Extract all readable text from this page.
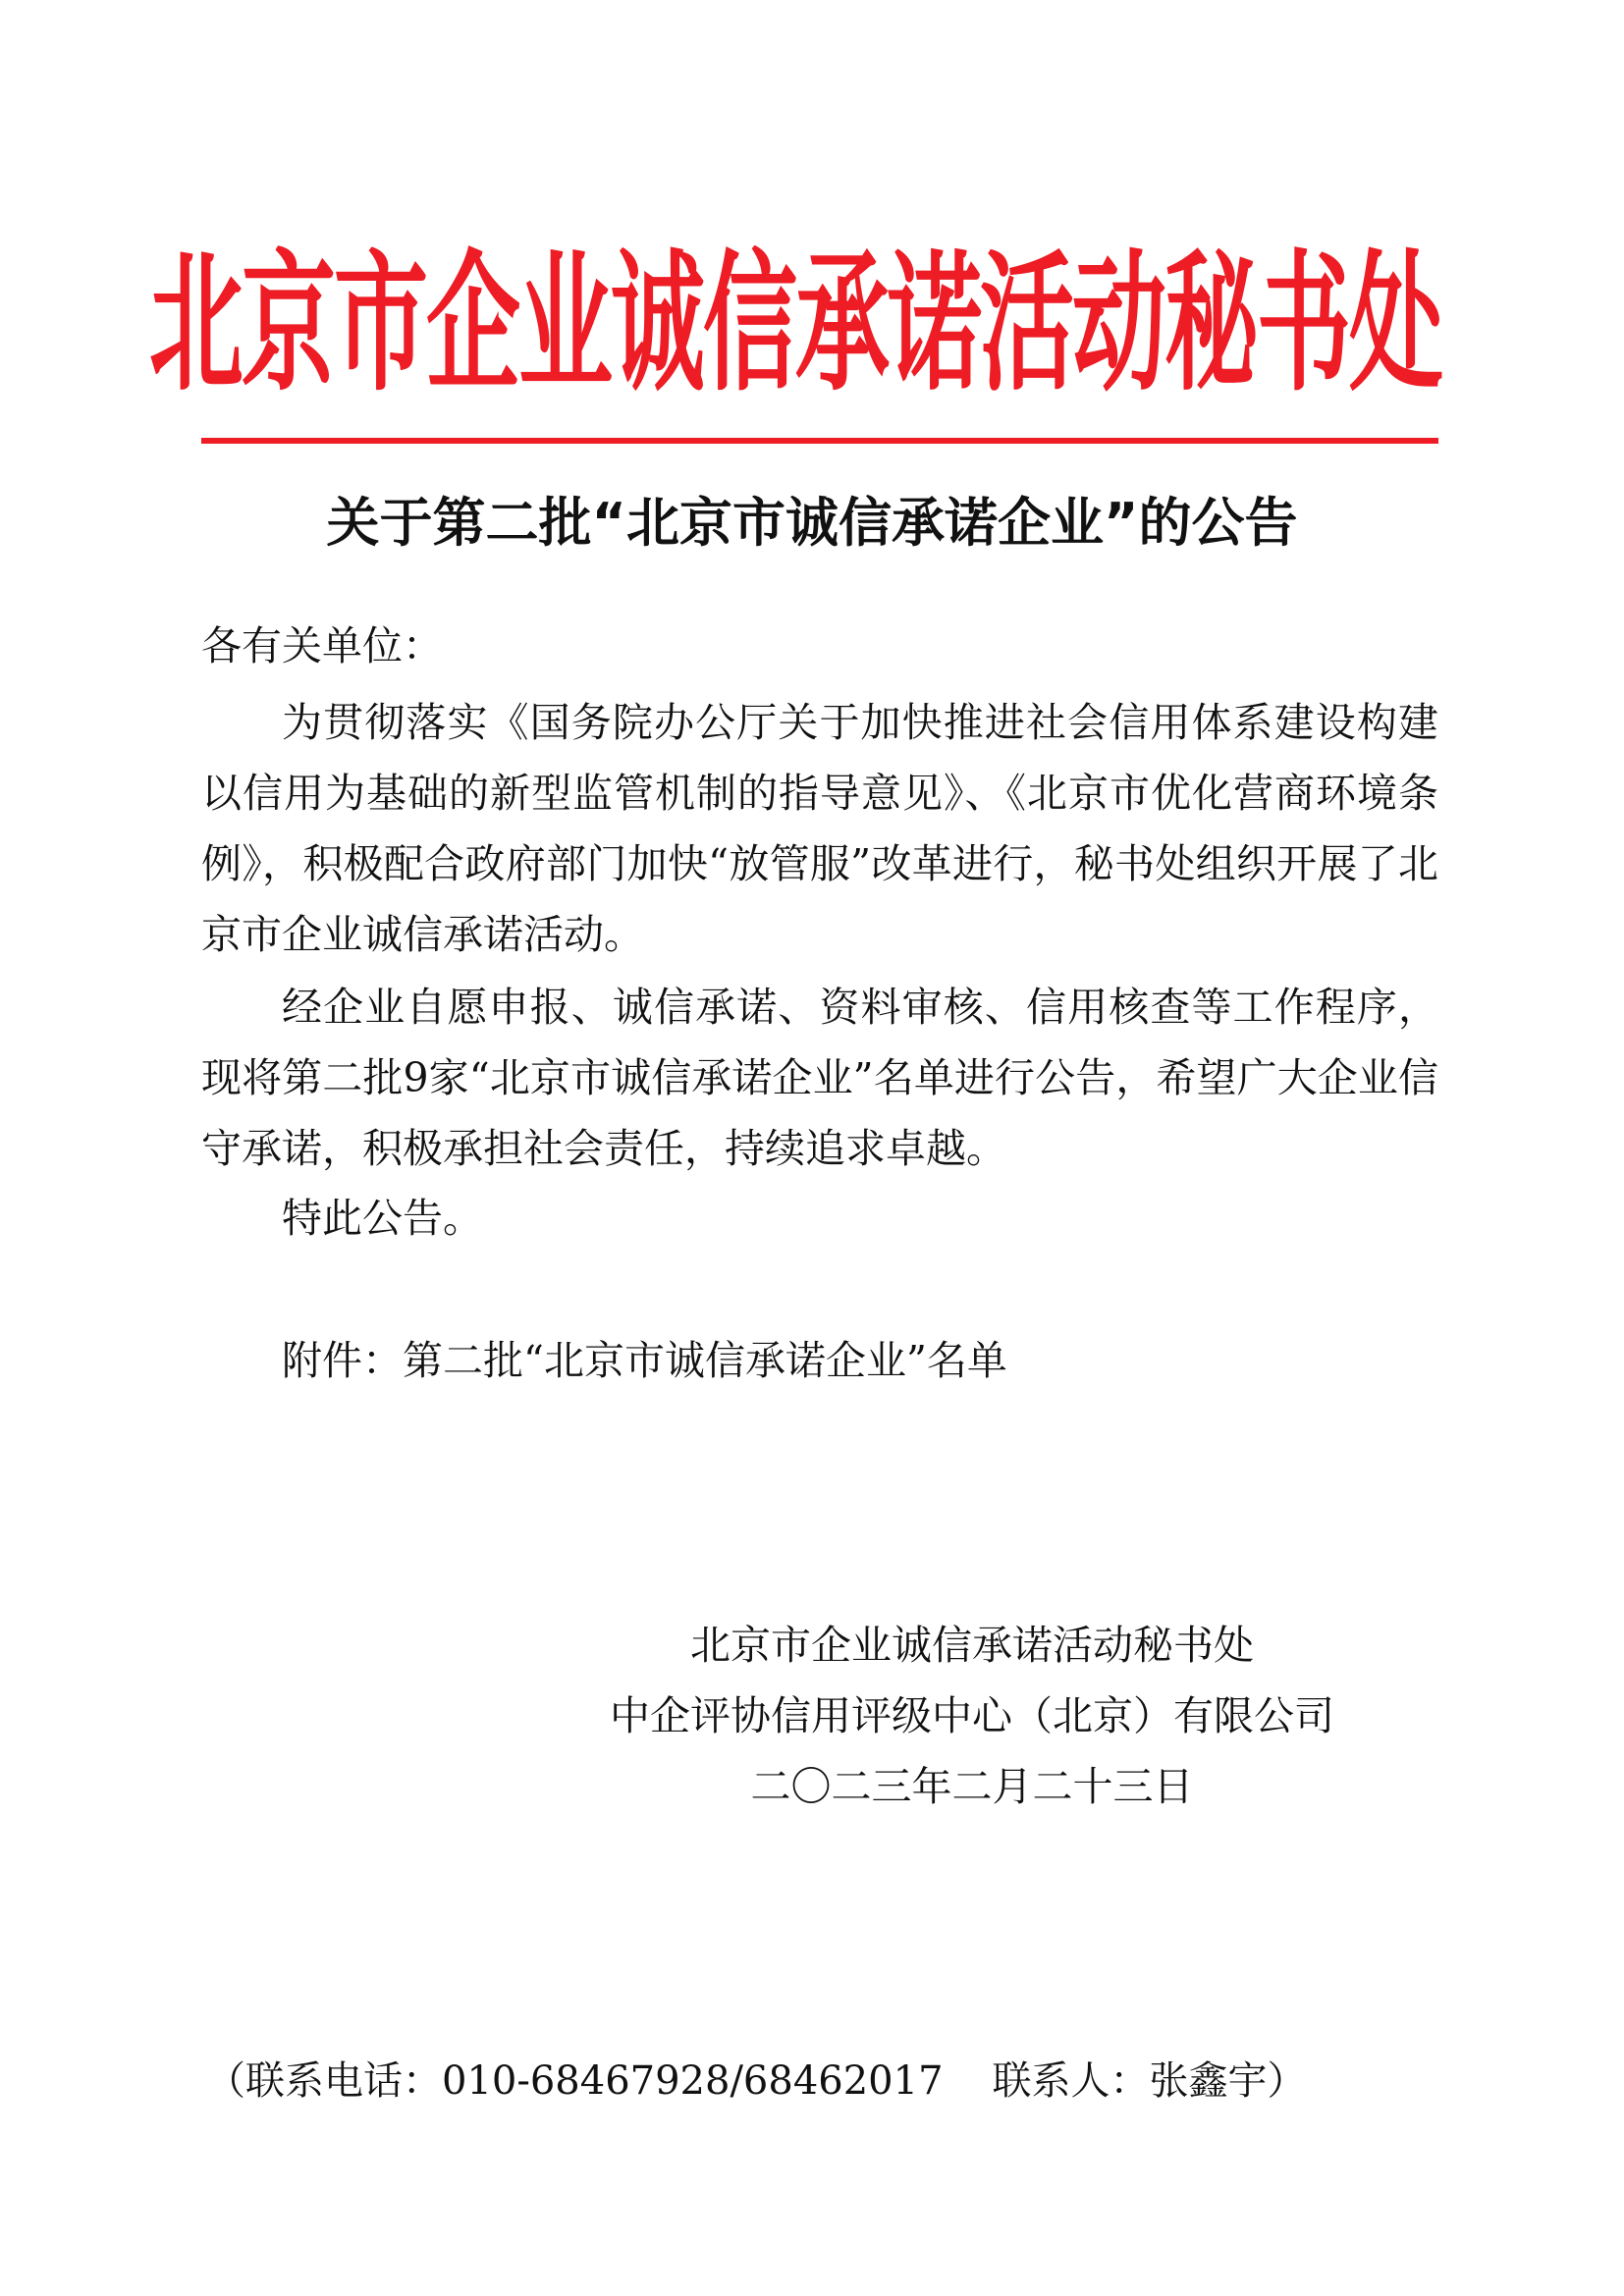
北京市企业诚信承诺活动秘书处
关于第二批“北京市诚信承诺企业”的公告
各有关单位：
为贯彻落实《国务院办公厅关于加快推进社会信用体系建设构建以信用为基础的新型监管机制的指导意见》、《北京市优化营商环境条例》，积极配合政府部门加快“放管服”改革进行，秘书处组织开展了北京市企业诚信承诺活动。
经企业自愿申报、诚信承诺、资料审核、信用核查等工作程序，现将第二批9家“北京市诚信承诺企业”名单进行公告，希望广大企业信守承诺，积极承担社会责任，持续追求卓越。
特此公告。
附件：第二批“北京市诚信承诺企业”名单
北京市企业诚信承诺活动秘书处
中企评协信用评级中心（北京）有限公司
二〇二三年二月二十三日
（联系电话：010-68467928/68462017 联系人：张鑫宇）
